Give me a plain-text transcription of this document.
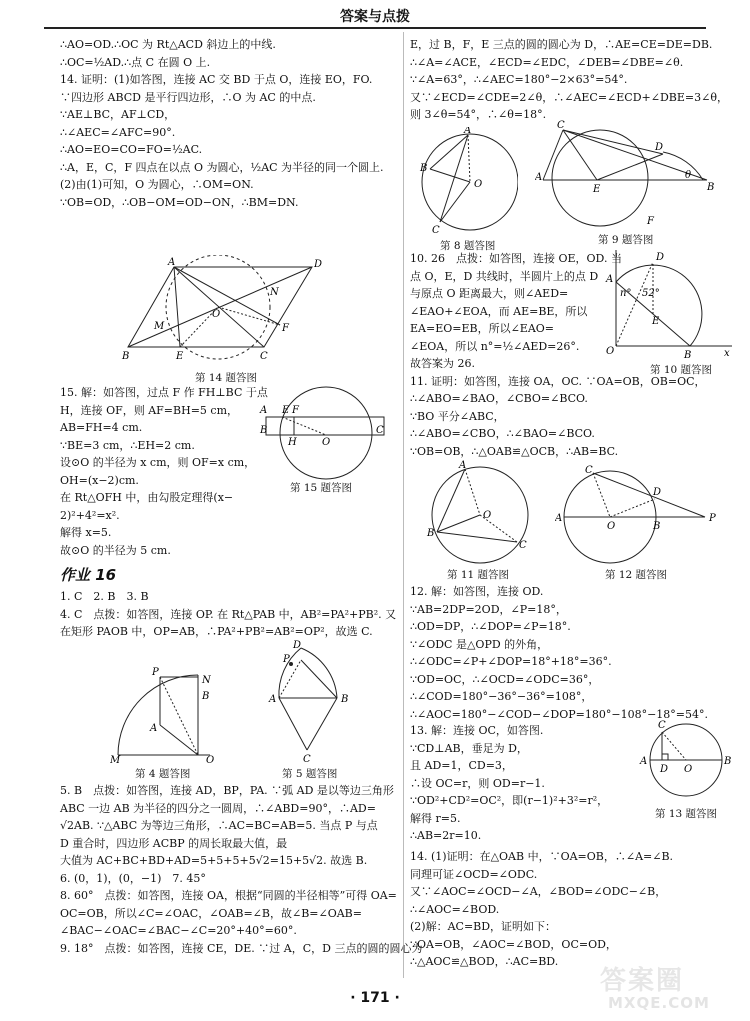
答案与点拨

∴AO=OD.∴OC 为 Rt△ACD 斜边上的中线.

∴OC=½AD.∴点 C 在圆 O 上.

14. 证明：(1)如答图，连接 AC 交 BD 于点 O，连接 EO，FO.

∵四边形 ABCD 是平行四边形，∴O 为 AC 的中点.

∵AE⊥BC，AF⊥CD，

∴∠AEC=∠AFC=90°.

∴AO=EO=CO=FO=½AC.

∴A，E，C，F 四点在以点 O 为圆心，½AC 为半径的同一个圆上.

(2)由(1)可知，O 为圆心，∴OM=ON.

∵OB=OD，∴OB−OM=OD−ON，∴BM=DN.

A	D
B	C
E
F
O
M
N
第 14 题答图

15. 解：如答图，过点 F 作 FH⊥BC 于点

H，连接 OF，则 AF=BH=5 cm，

AB=FH=4 cm.

∵BE=3 cm，∴EH=2 cm.

设⊙O 的半径为 x cm，则 OF=x cm，

OH=(x−2)cm.

在 Rt△OFH 中，由勾股定理得(x−

2)²+4²=x².

解得 x=5.

故⊙O 的半径为 5 cm.

A E F
B
H	O
C
第 15 题答图
作业 16

1. C　2. B　3. B

4. C　点拨：如答图，连接 OP. 在 Rt△PAB 中，AB²=PA²+PB². 又

在矩形 PAOB 中，OP=AB，∴PA²+PB²=AB²=OP²，故选 C.

M	O
P
N
B
A
第 4 题答图
A	B
C
D
P
第 5 题答图

5. B　点拨：如答图，连接 AD，BP，PA. ∵弧 AD 是以等边三角形

ABC 一边 AB 为半径的四分之一圆周，∴∠ABD=90°，∴AD=

√2AB. ∵△ABC 为等边三角形，∴AC=BC=AB=5. 当点 P 与点

D 重合时，四边形 ACBP 的周长取最大值，最

大值为 AC+BC+BD+AD=5+5+5+5√2=15+5√2. 故选 B.

6. (0，1)，(0，−1)　7. 45°

8. 60°　点拨：如答图，连接 OA，根据“同圆的半径相等”可得 OA=

OC=OB，所以∠C=∠OAC，∠OAB=∠B，故∠B=∠OAB=

∠BAC−∠OAC=∠BAC−∠C=20°+40°=60°.

9. 18°　点拨：如答图，连接 CE，DE. ∵过 A，C，D 三点的圆的圆心为

E，过 B，F，E 三点的圆的圆心为 D，∴AE=CE=DE=DB.

∴∠A=∠ACE，∠ECD=∠EDC，∠DEB=∠DBE=∠θ.

∵∠A=63°，∴∠AEC=180°−2×63°=54°.

又∵∠ECD=∠CDE=2∠θ，∴∠AEC=∠ECD+∠DBE=3∠θ，

则 3∠θ=54°，∴∠θ=18°.

A
B
C
O
第 8 题答图
C
A
E
D
B
θ
F
第 9 题答图

10. 26　点拨：如答图，连接 OE，OD. 当

点 O，E，D 共线时，半圆片上的点 D

与原点 O 距离最大，则∠AED=

∠EAO+∠EOA，而 AE=BE，所以

EA=EO=EB，所以∠EAO=

∠EOA，所以 n°=½∠AED=26°.

故答案为 26.

11. 证明：如答图，连接 OA，OC. ∵OA=OB，OB=OC，

∴∠ABO=∠BAO，∠CBO=∠BCO.

∵BO 平分∠ABC，

∴∠ABO=∠CBO，∴∠BAO=∠BCO.

∵OB=OB，∴△OAB≌△OCB，∴AB=BC.

A
E
B
O
D
x
n° 52°
第 10 题答图
A
B
C
O
第 11 题答图
A
O	B
C
D
P
第 12 题答图

12. 解：如答图，连接 OD.

∵AB=2DP=2OD，∠P=18°，

∴OD=DP，∴∠DOP=∠P=18°.

∵∠ODC 是△OPD 的外角，

∴∠ODC=∠P+∠DOP=18°+18°=36°.

∵OD=OC，∴∠OCD=∠ODC=36°，

∴∠COD=180°−36°−36°=108°，

∴∠AOC=180°−∠COD−∠DOP=180°−108°−18°=54°.

13. 解：连接 OC，如答图.

∵CD⊥AB，垂足为 D，

且 AD=1，CD=3，

∴设 OC=r，则 OD=r−1.

∵OD²+CD²=OC²，即(r−1)²+3²=r²，

解得 r=5.

∴AB=2r=10.

A	B
C
D O
第 13 题答图

14. (1)证明：在△OAB 中，∵OA=OB，∴∠A=∠B.

同理可证∠OCD=∠ODC.

又∵∠AOC=∠OCD−∠A，∠BOD=∠ODC−∠B，

∴∠AOC=∠BOD.

(2)解：AC=BD，证明如下：

∵OA=OB，∠AOC=∠BOD，OC=OD，

∴△AOC≌△BOD，∴AC=BD.

· 171 ·
答案圈
MXQE.COM
